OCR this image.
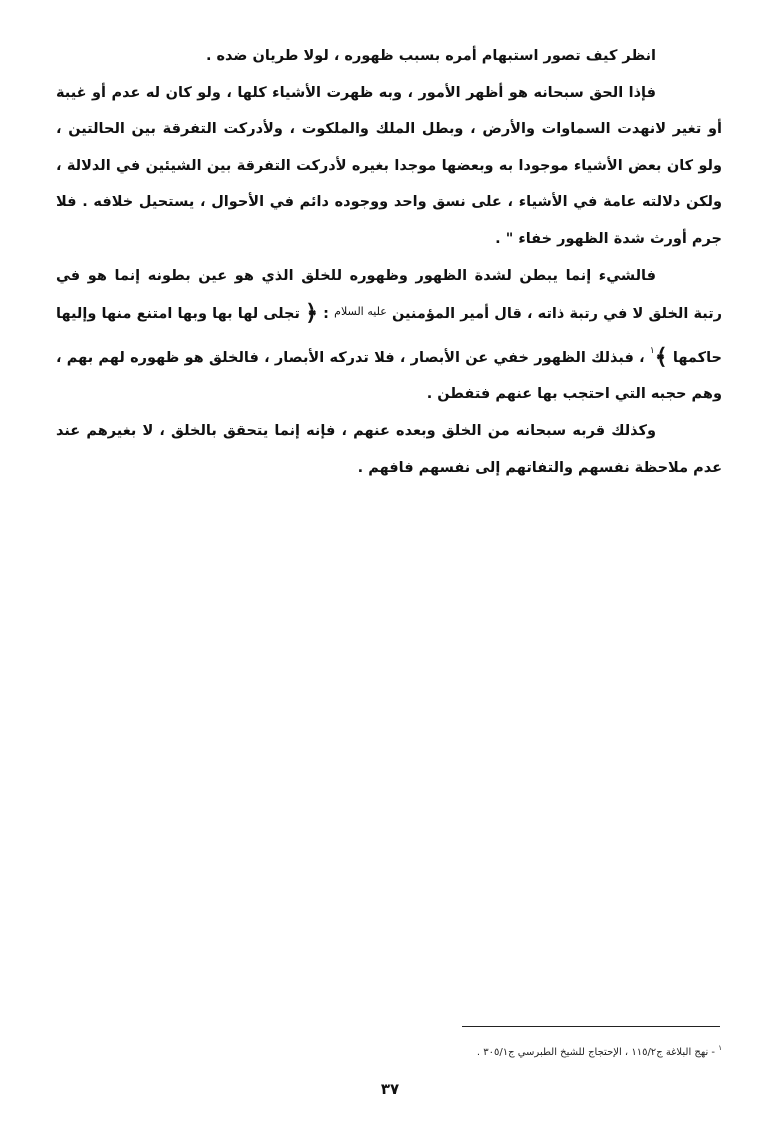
انظر كيف تصور استبهام أمره بسبب ظهوره ، لولا طريان ضده .

فإذا الحق سبحانه هو أظهر الأمور ، وبه ظهرت الأشياء كلها ، ولو كان له عدم أو غيبة أو تغير لانهدت السماوات والأرض ، وبطل الملك والملكوت ، ولأدركت التفرقة بين الحالتين ، ولو كان بعض الأشياء موجودا به وبعضها موجدا بغيره لأدركت التفرقة بين الشيئين في الدلالة ، ولكن دلالته عامة في الأشياء ، على نسق واحد ووجوده دائم في الأحوال ، يستحيل خلافه . فلا جرم أورث شدة الظهور خفاء " .

فالشيء إنما يبطن لشدة الظهور وظهوره للخلق الذي هو عين بطونه إنما هو في رتبة الخلق لا في رتبة ذاته ، قال أمير المؤمنين $^{عليه السلام}$ : ﴿ تجلى لها بها وبها امتنع منها وإليها حاكمها ﴾$^١$ ، فبذلك الظهور خفي عن الأبصار ، فلا تدركه الأبصار ، فالخلق هو ظهوره لهم بهم ، وهم حجبه التي احتجب بها عنهم فتفطن .

وكذلك قربه سبحانه من الخلق وبعده عنهم ، فإنه إنما يتحقق بالخلق ، لا بغيرهم عند عدم ملاحظة نفسهم والتفاتهم إلى نفسهم فافهم .

$^١$ - نهج البلاغة ج١١٥/٢ ، الإحتجاج للشيخ الطبرسي ج٣٠٥/١ .
٣٧
